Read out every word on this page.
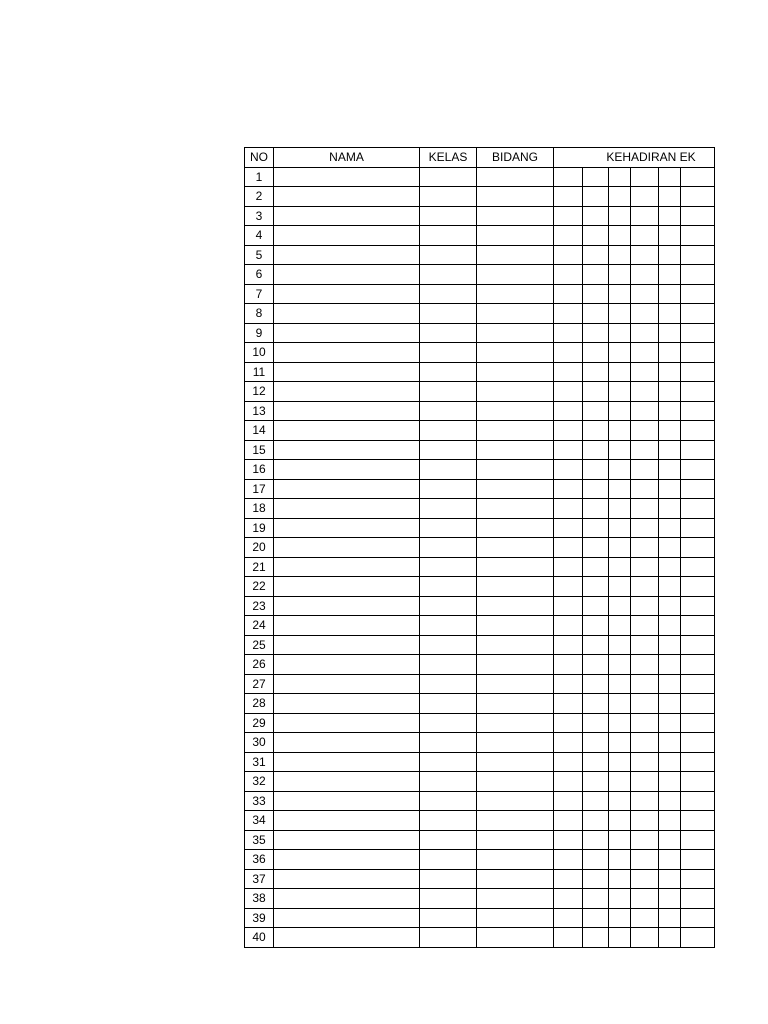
NO	NAMA	KELAS	BIDANG	KEHADIRAN EK					
1									
2									
3									
4									
5									
6									
7									
8									
9									
10									
11									
12									
13									
14									
15									
16									
17									
18									
19									
20									
21									
22									
23									
24									
25									
26									
27									
28									
29									
30									
31									
32									
33									
34									
35									
36									
37									
38									
39									
40									
